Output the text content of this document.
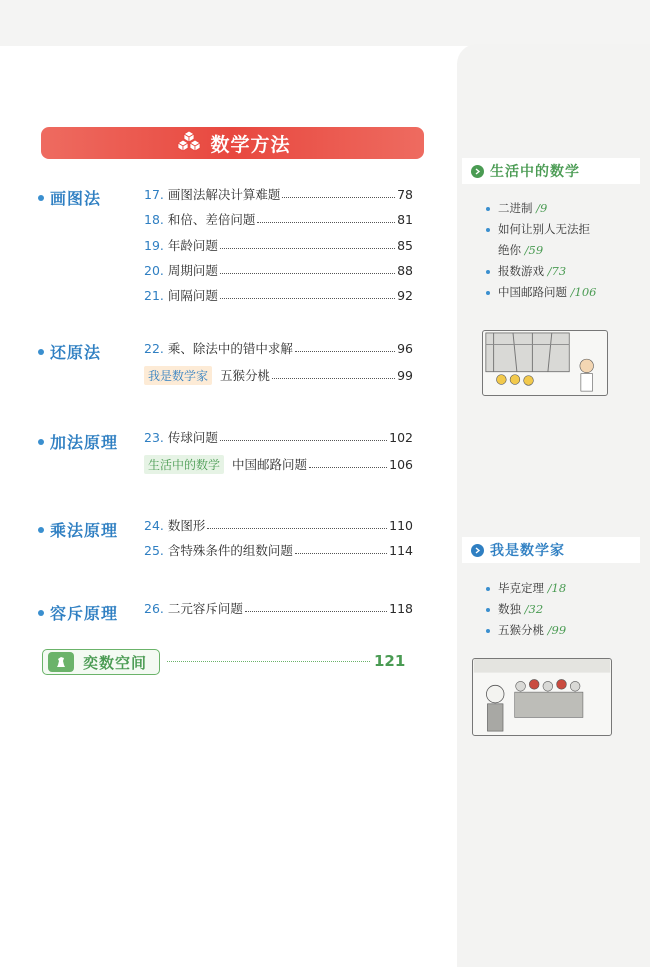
数学方法
画图法	17. 画图法解决计算难题	78
18. 和倍、差倍问题	81
19. 年龄问题	85
20. 周期问题	88
21. 间隔问题	92
还原法	22. 乘、除法中的错中求解	96
我是数学家 五猴分桃	99
加法原理 23. 传球问题	102
生活中的数学 中国邮路问题	106
乘法原理 24. 数图形	110
25. 含特殊条件的组数问题	114
容斥原理 26. 二元容斥问题	118
奕数空间	121
生活中的数学
二进制 /9
如何让别人无法拒
绝你 /59
报数游戏 /73
中国邮路问题 /106
我是数学家
毕克定理 /18
数独 /32
五猴分桃 /99
